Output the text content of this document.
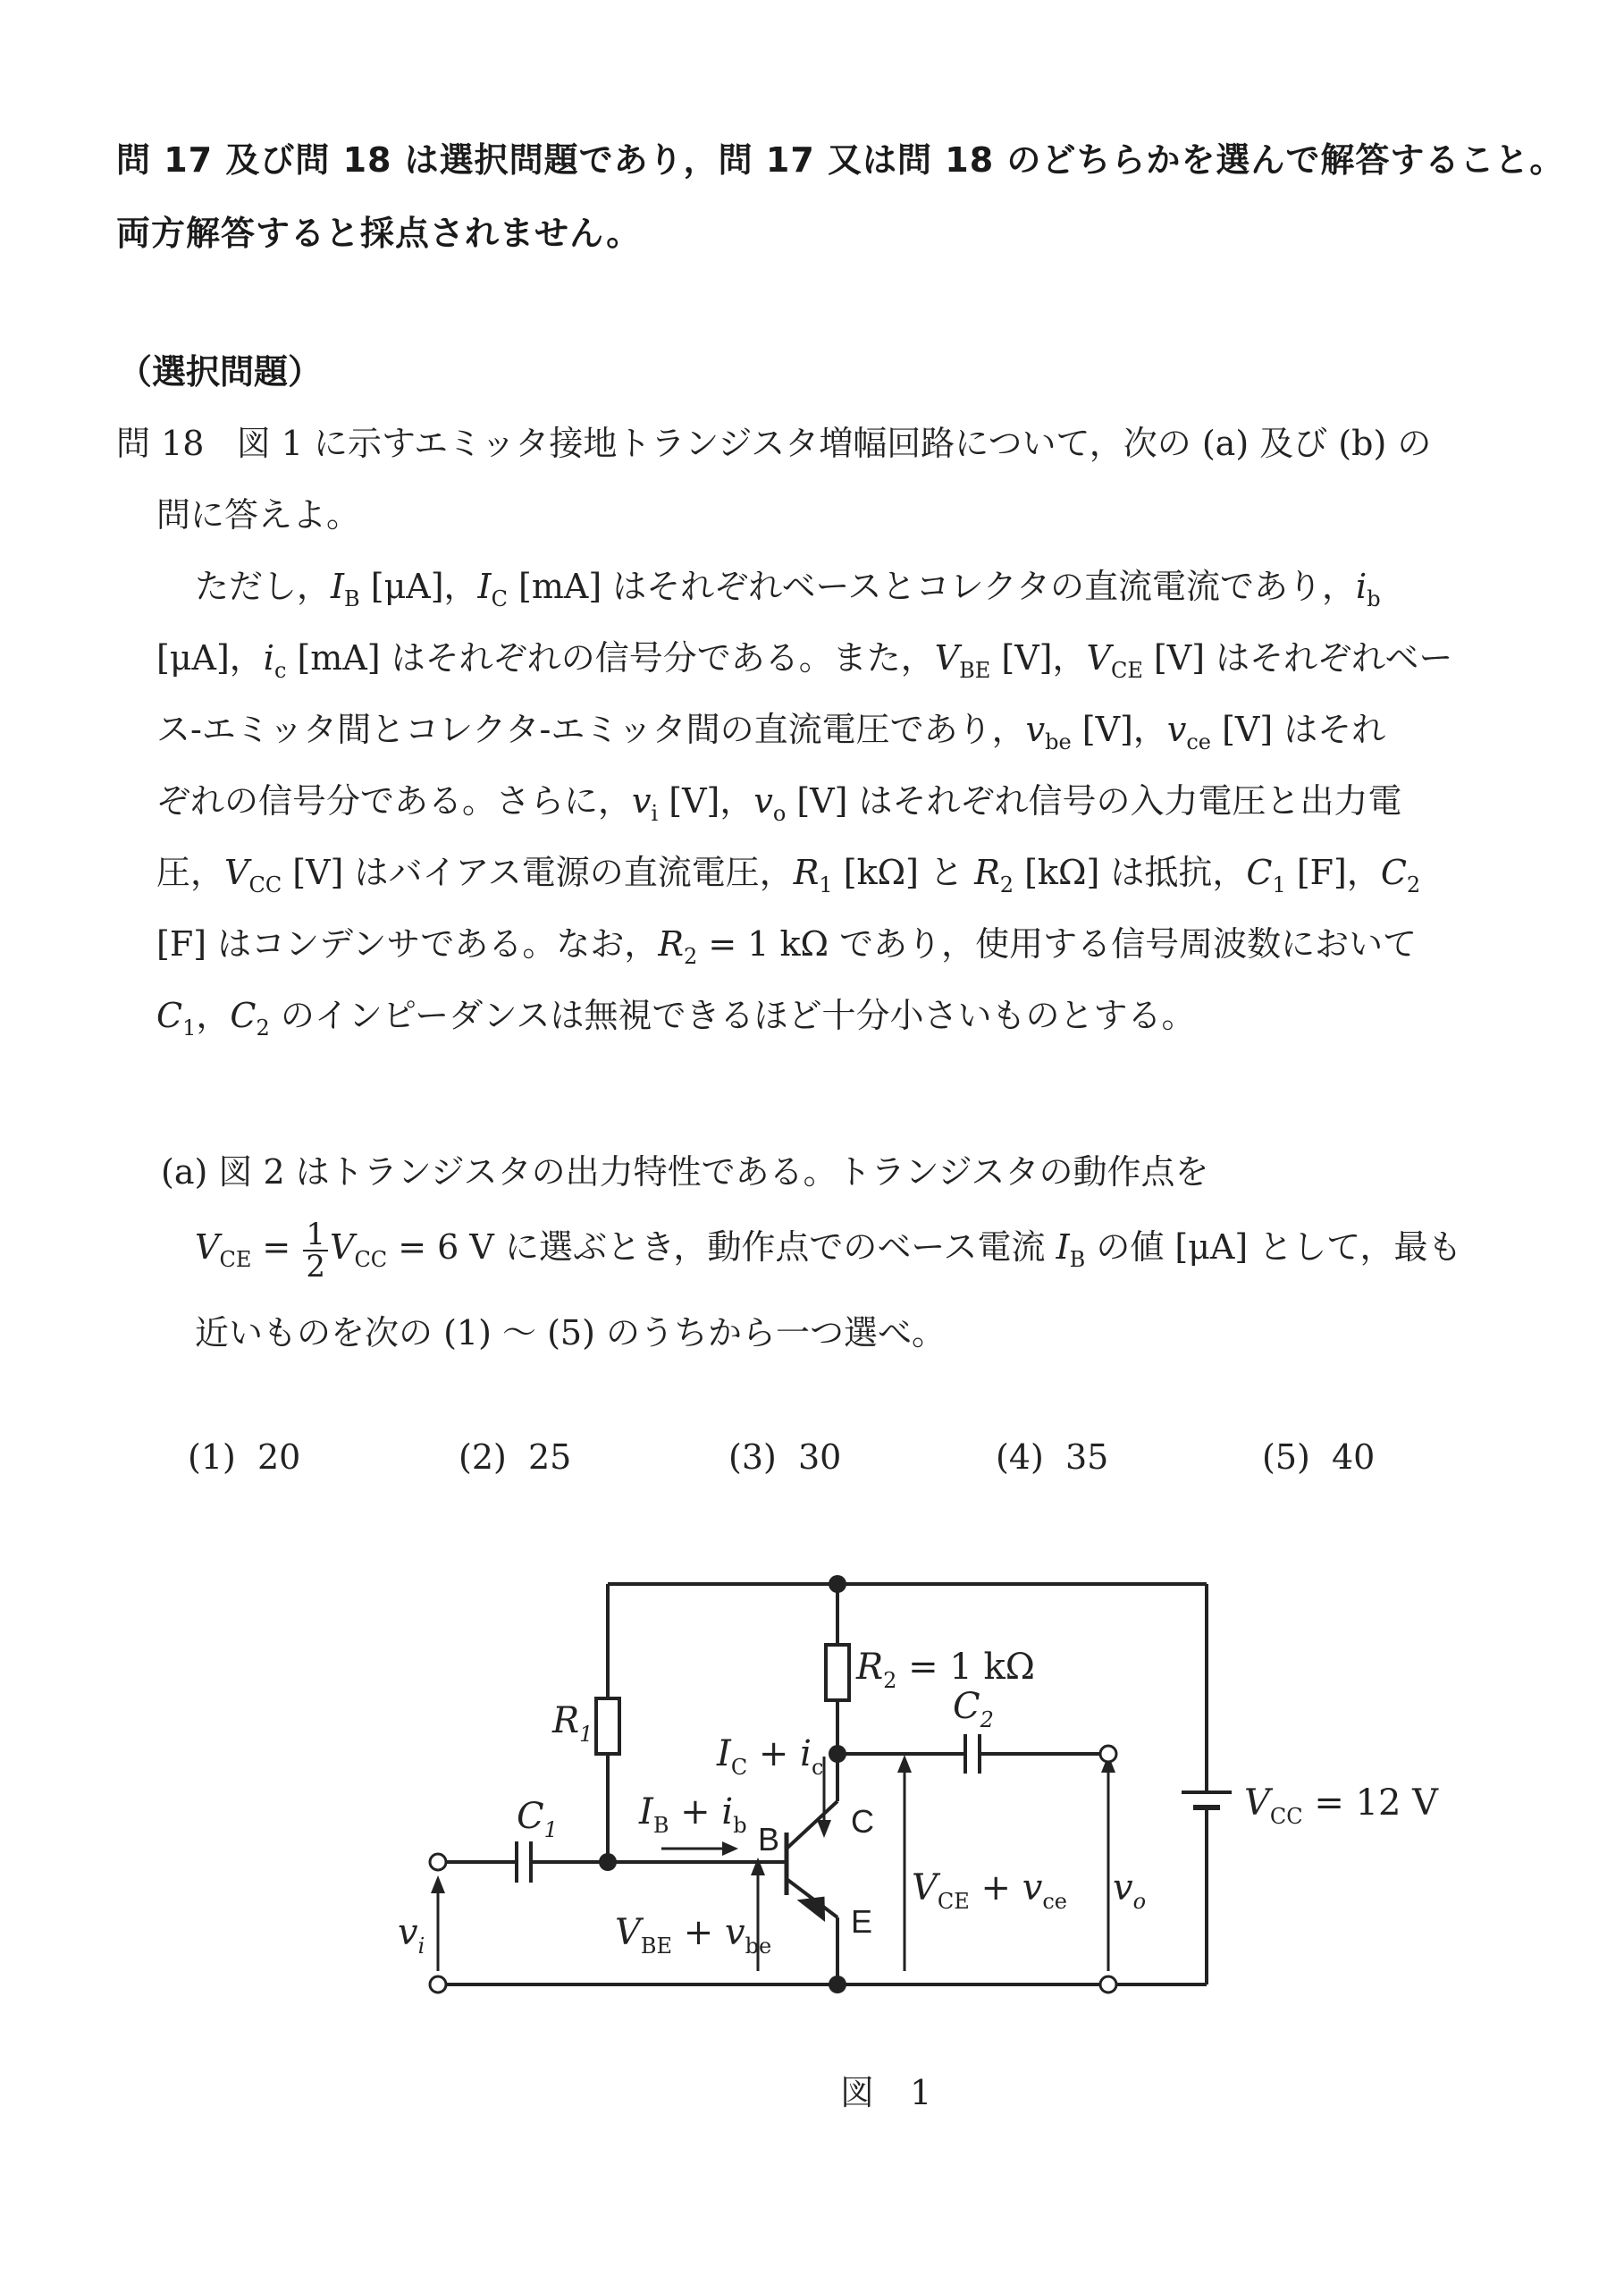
問 17 及び問 18 は選択問題であり，問 17 又は問 18 のどちらかを選んで解答すること。
両方解答すると採点されません。
（選択問題）
問 18 図 1 に示すエミッタ接地トランジスタ増幅回路について，次の (a) 及び (b) の
問に答えよ。
ただし，$I_B$ [μA]，$I_C$ [mA] はそれぞれベースとコレクタの直流電流であり，$i_b$
[μA]，$i_c$ [mA] はそれぞれの信号分である。また，$V_{BE}$ [V]，$V_{CE}$ [V] はそれぞれベー
ス-エミッタ間とコレクタ-エミッタ間の直流電圧であり，$v_{be}$ [V]，$v_{ce}$ [V] はそれ
ぞれの信号分である。さらに，$v_i$ [V]，$v_o$ [V] はそれぞれ信号の入力電圧と出力電
圧，$V_{CC}$ [V] はバイアス電源の直流電圧，$R_1$ [kΩ] と $R_2$ [kΩ] は抵抗，$C_1$ [F]，$C_2$
[F] はコンデンサである。なお，$R_2 = 1$ kΩ であり，使用する信号周波数において
$C_1$，$C_2$ のインピーダンスは無視できるほど十分小さいものとする。
(a) 図 2 はトランジスタの出力特性である。トランジスタの動作点を
$V_{CE} = \frac{1}{2} V_{CC} = 6$ V に選ぶとき，動作点でのベース電流 $I_B$ の値 [μA] として，最も
近いものを次の (1) ～ (5) のうちから一つ選べ。
(1) 20	(2) 25	(3) 30	(4) 35	(5) 40
$R_1$
$R_2 = 1$ kΩ
$C_1$
$C_2$
$I_C + i_c$
$I_B + i_b$ B C
E
$V_{CE} + v_{ce}$
$V_{BE} + v_{be}$
$v_o$
$v_i$
$V_{CC} = 12$ V
図 1
